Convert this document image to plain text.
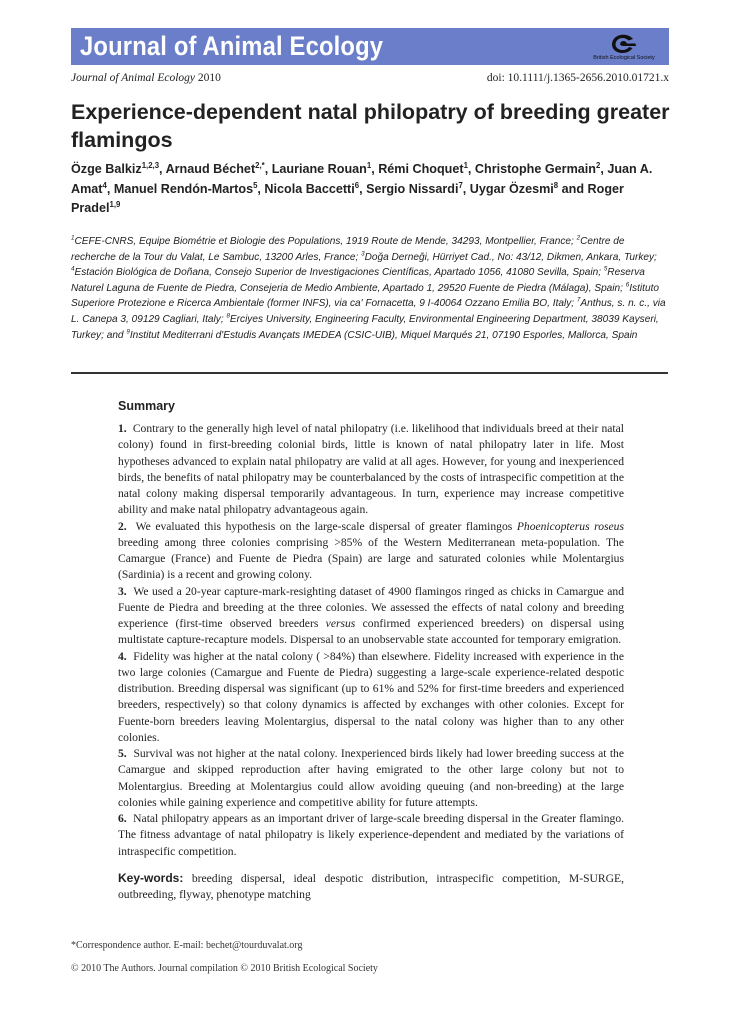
Journal of Animal Ecology	British Ecological Society
Journal of Animal Ecology 2010	doi: 10.1111/j.1365-2656.2010.01721.x
Experience-dependent natal philopatry of breeding greater flamingos
Özge Balkiz$^{1,2,3}$, Arnaud Béchet$^{2,*}$, Lauriane Rouan$^1$, Rémi Choquet$^1$, Christophe Germain$^2$, Juan A. Amat$^4$, Manuel Rendón-Martos$^5$, Nicola Baccetti$^6$, Sergio Nissardi$^7$, Uygar Özesmi$^8$ and Roger Pradel$^{1,9}$
$^1$CEFE-CNRS, Equipe Biométrie et Biologie des Populations, 1919 Route de Mende, 34293, Montpellier, France; $^2$Centre de recherche de la Tour du Valat, Le Sambuc, 13200 Arles, France; $^3$Doğa Derneği, Hürriyet Cad., No: 43/12, Dikmen, Ankara, Turkey; $^4$Estación Biológica de Doñana, Consejo Superior de Investigaciones Científicas, Apartado 1056, 41080 Sevilla, Spain; $^5$Reserva Naturel Laguna de Fuente de Piedra, Consejeria de Medio Ambiente, Apartado 1, 29520 Fuente de Piedra (Málaga), Spain; $^6$Istituto Superiore Protezione e Ricerca Ambientale (former INFS), via ca' Fornacetta, 9 I-40064 Ozzano Emilia BO, Italy; $^7$Anthus, s. n. c., via L. Canepa 3, 09129 Cagliari, Italy; $^8$Erciyes University, Engineering Faculty, Environmental Engineering Department, 38039 Kayseri, Turkey; and $^9$Institut Mediterrani d'Estudis Avançats IMEDEA (CSIC-UIB), Miquel Marqués 21, 07190 Esporles, Mallorca, Spain
Summary
1. Contrary to the generally high level of natal philopatry (i.e. likelihood that individuals breed at their natal colony) found in first-breeding colonial birds, little is known of natal philopatry later in life. Most hypotheses advanced to explain natal philopatry are valid at all ages. However, for young and inexperienced birds, the benefits of natal philopatry may be counterbalanced by the costs of intraspecific competition at the natal colony making dispersal temporarily advantageous. In turn, experience may increase competitive ability and make natal philopatry advantageous again.
2. We evaluated this hypothesis on the large-scale dispersal of greater flamingos Phoenicopterus roseus breeding among three colonies comprising >85% of the Western Mediterranean meta-population. The Camargue (France) and Fuente de Piedra (Spain) are large and saturated colonies while Molentargius (Sardinia) is a recent and growing colony.
3. We used a 20-year capture-mark-resighting dataset of 4900 flamingos ringed as chicks in Camargue and Fuente de Piedra and breeding at the three colonies. We assessed the effects of natal colony and breeding experience (first-time observed breeders versus confirmed experienced breeders) on dispersal using multistate capture-recapture models. Dispersal to an unobservable state accounted for temporary emigration.
4. Fidelity was higher at the natal colony ( >84%) than elsewhere. Fidelity increased with experience in the two large colonies (Camargue and Fuente de Piedra) suggesting a large-scale experience-related despotic distribution. Breeding dispersal was significant (up to 61% and 52% for first-time breeders and experienced breeders, respectively) so that colony dynamics is affected by exchanges with other colonies. Except for Fuente-born breeders leaving Molentargius, dispersal to the natal colony was higher than to any other colonies.
5. Survival was not higher at the natal colony. Inexperienced birds likely had lower breeding success at the Camargue and skipped reproduction after having emigrated to the other large colony but not to Molentargius. Breeding at Molentargius could allow avoiding queuing (and non-breeding) at the large colonies while gaining experience and competitive ability for future attempts.
6. Natal philopatry appears as an important driver of large-scale breeding dispersal in the Greater flamingo. The fitness advantage of natal philopatry is likely experience-dependent and mediated by the variations of intraspecific competition.
Key-words: breeding dispersal, ideal despotic distribution, intraspecific competition, M-SURGE, outbreeding, flyway, phenotype matching
*Correspondence author. E-mail: bechet@tourduvalat.org
© 2010 The Authors. Journal compilation © 2010 British Ecological Society
